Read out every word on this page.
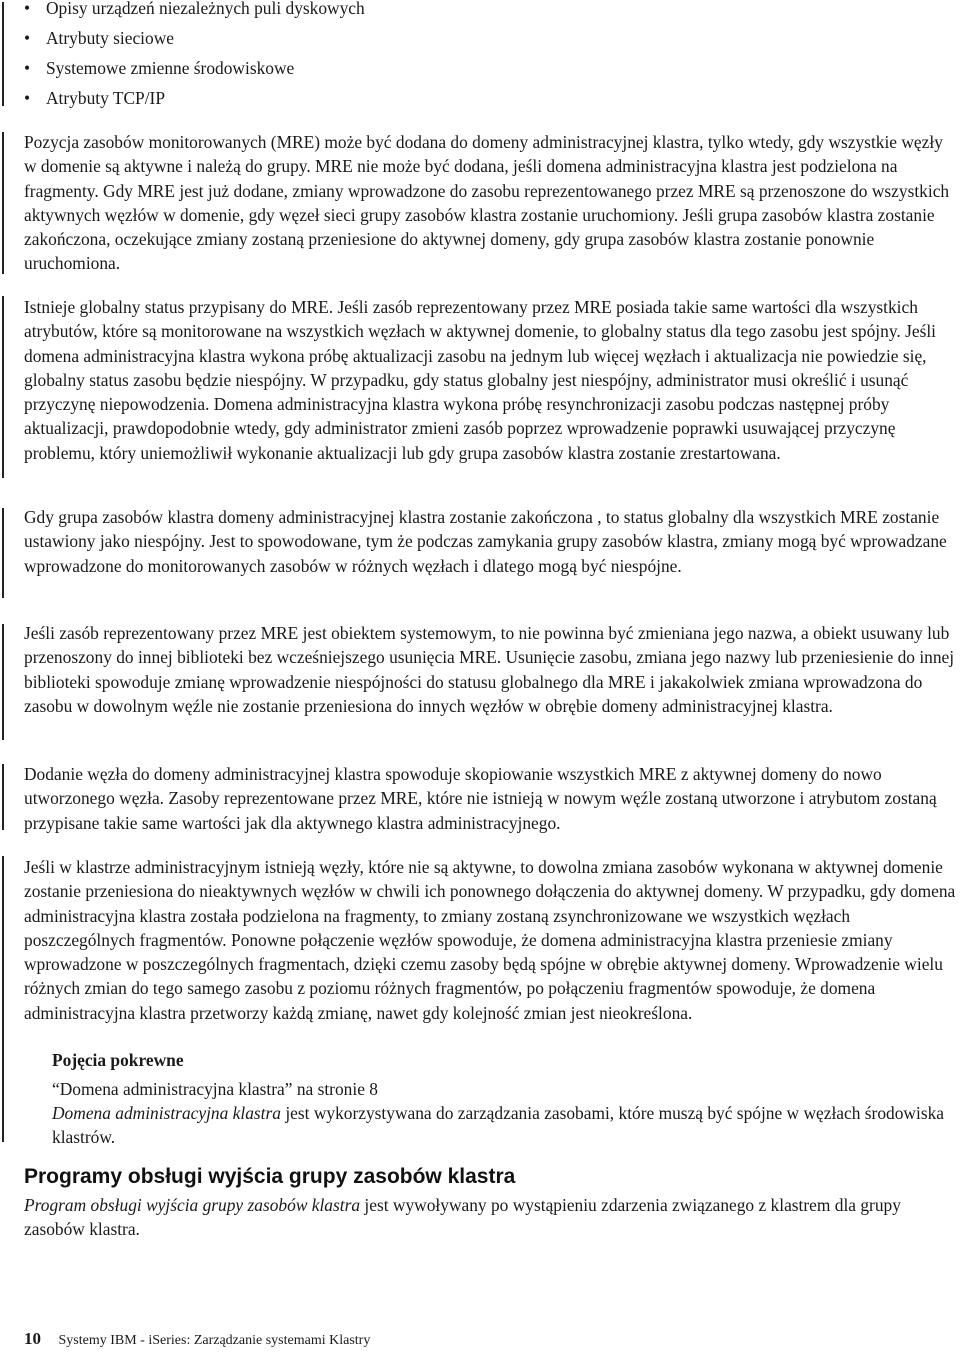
• Opisy urządzeń niezależnych puli dyskowych
• Atrybuty sieciowe
• Systemowe zmienne środowiskowe
• Atrybuty TCP/IP

Pozycja zasobów monitorowanych (MRE) może być dodana do domeny administracyjnej klastra, tylko wtedy, gdy wszystkie węzły w domenie są aktywne i należą do grupy. MRE nie może być dodana, jeśli domena administracyjna klastra jest podzielona na fragmenty. Gdy MRE jest już dodane, zmiany wprowadzone do zasobu reprezentowanego przez MRE są przenoszone do wszystkich aktywnych węzłów w domenie, gdy węzeł sieci grupy zasobów klastra zostanie uruchomiony. Jeśli grupa zasobów klastra zostanie zakończona, oczekujące zmiany zostaną przeniesione do aktywnej domeny, gdy grupa zasobów klastra zostanie ponownie uruchomiona.

Istnieje globalny status przypisany do MRE. Jeśli zasób reprezentowany przez MRE posiada takie same wartości dla wszystkich atrybutów, które są monitorowane na wszystkich węzłach w aktywnej domenie, to globalny status dla tego zasobu jest spójny. Jeśli domena administracyjna klastra wykona próbę aktualizacji zasobu na jednym lub więcej węzłach i aktualizacja nie powiedzie się, globalny status zasobu będzie niespójny. W przypadku, gdy status globalny jest niespójny, administrator musi określić i usunąć przyczynę niepowodzenia. Domena administracyjna klastra wykona próbę resynchronizacji zasobu podczas następnej próby aktualizacji, prawdopodobnie wtedy, gdy administrator zmieni zasób poprzez wprowadzenie poprawki usuwającej przyczynę problemu, który uniemożliwił wykonanie aktualizacji lub gdy grupa zasobów klastra zostanie zrestartowana.

Gdy grupa zasobów klastra domeny administracyjnej klastra zostanie zakończona , to status globalny dla wszystkich MRE zostanie ustawiony jako niespójny. Jest to spowodowane, tym że podczas zamykania grupy zasobów klastra, zmiany mogą być wprowadzane wprowadzone do monitorowanych zasobów w różnych węzłach i dlatego mogą być niespójne.

Jeśli zasób reprezentowany przez MRE jest obiektem systemowym, to nie powinna być zmieniana jego nazwa, a obiekt usuwany lub przenoszony do innej biblioteki bez wcześniejszego usunięcia MRE. Usunięcie zasobu, zmiana jego nazwy lub przeniesienie do innej biblioteki spowoduje zmianę wprowadzenie niespójności do statusu globalnego dla MRE i jakakolwiek zmiana wprowadzona do zasobu w dowolnym węźle nie zostanie przeniesiona do innych węzłów w obrębie domeny administracyjnej klastra.

Dodanie węzła do domeny administracyjnej klastra spowoduje skopiowanie wszystkich MRE z aktywnej domeny do nowo utworzonego węzła. Zasoby reprezentowane przez MRE, które nie istnieją w nowym węźle zostaną utworzone i atrybutom zostaną przypisane takie same wartości jak dla aktywnego klastra administracyjnego.

Jeśli w klastrze administracyjnym istnieją węzły, które nie są aktywne, to dowolna zmiana zasobów wykonana w aktywnej domenie zostanie przeniesiona do nieaktywnych węzłów w chwili ich ponownego dołączenia do aktywnej domeny. W przypadku, gdy domena administracyjna klastra została podzielona na fragmenty, to zmiany zostaną zsynchronizowane we wszystkich węzłach poszczególnych fragmentów. Ponowne połączenie węzłów spowoduje, że domena administracyjna klastra przeniesie zmiany wprowadzone w poszczególnych fragmentach, dzięki czemu zasoby będą spójne w obrębie aktywnej domeny. Wprowadzenie wielu różnych zmian do tego samego zasobu z poziomu różnych fragmentów, po połączeniu fragmentów spowoduje, że domena administracyjna klastra przetworzy każdą zmianę, nawet gdy kolejność zmian jest nieokreślona.

Pojęcia pokrewne

“Domena administracyjna klastra” na stronie 8

Domena administracyjna klastra jest wykorzystywana do zarządzania zasobami, które muszą być spójne w węzłach środowiska klastrów.

Programy obsługi wyjścia grupy zasobów klastra

Program obsługi wyjścia grupy zasobów klastra jest wywoływany po wystąpieniu zdarzenia związanego z klastrem dla grupy zasobów klastra.

10 Systemy IBM - iSeries: Zarządzanie systemami Klastry
